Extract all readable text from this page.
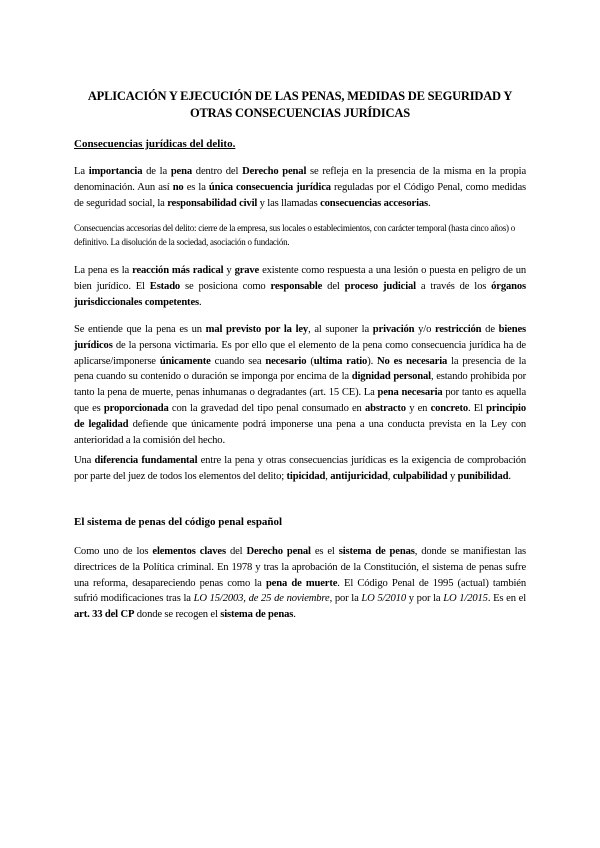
APLICACIÓN Y EJECUCIÓN DE LAS PENAS, MEDIDAS DE SEGURIDAD Y
OTRAS CONSECUENCIAS JURÍDICAS
Consecuencias jurídicas del delito.
La importancia de la pena dentro del Derecho penal se refleja en la presencia de la misma en la propia denominación. Aun así no es la única consecuencia jurídica reguladas por el Código Penal, como medidas de seguridad social, la responsabilidad civil y las llamadas consecuencias accesorias.
Consecuencias accesorias del delito: cierre de la empresa, sus locales o establecimientos, con carácter temporal (hasta cinco años) o definitivo. La disolución de la sociedad, asociación o fundación.
La pena es la reacción más radical y grave existente como respuesta a una lesión o puesta en peligro de un bien jurídico. El Estado se posiciona como responsable del proceso judicial a través de los órganos jurisdiccionales competentes.
Se entiende que la pena es un mal previsto por la ley, al suponer la privación y/o restricción de bienes jurídicos de la persona victimaria. Es por ello que el elemento de la pena como consecuencia jurídica ha de aplicarse/imponerse únicamente cuando sea necesario (ultima ratio). No es necesaria la presencia de la pena cuando su contenido o duración se imponga por encima de la dignidad personal, estando prohibida por tanto la pena de muerte, penas inhumanas o degradantes (art. 15 CE). La pena necesaria por tanto es aquella que es proporcionada con la gravedad del tipo penal consumado en abstracto y en concreto. El principio de legalidad defiende que únicamente podrá imponerse una pena a una conducta prevista en la Ley con anterioridad a la comisión del hecho.
Una diferencia fundamental entre la pena y otras consecuencias jurídicas es la exigencia de comprobación por parte del juez de todos los elementos del delito; tipicidad, antijuricidad, culpabilidad y punibilidad.
El sistema de penas del código penal español
Como uno de los elementos claves del Derecho penal es el sistema de penas, donde se manifiestan las directrices de la Política criminal. En 1978 y tras la aprobación de la Constitución, el sistema de penas sufre una reforma, desapareciendo penas como la pena de muerte. El Código Penal de 1995 (actual) también sufrió modificaciones tras la LO 15/2003, de 25 de noviembre, por la LO 5/2010 y por la LO 1/2015. Es en el art. 33 del CP donde se recogen el sistema de penas.
